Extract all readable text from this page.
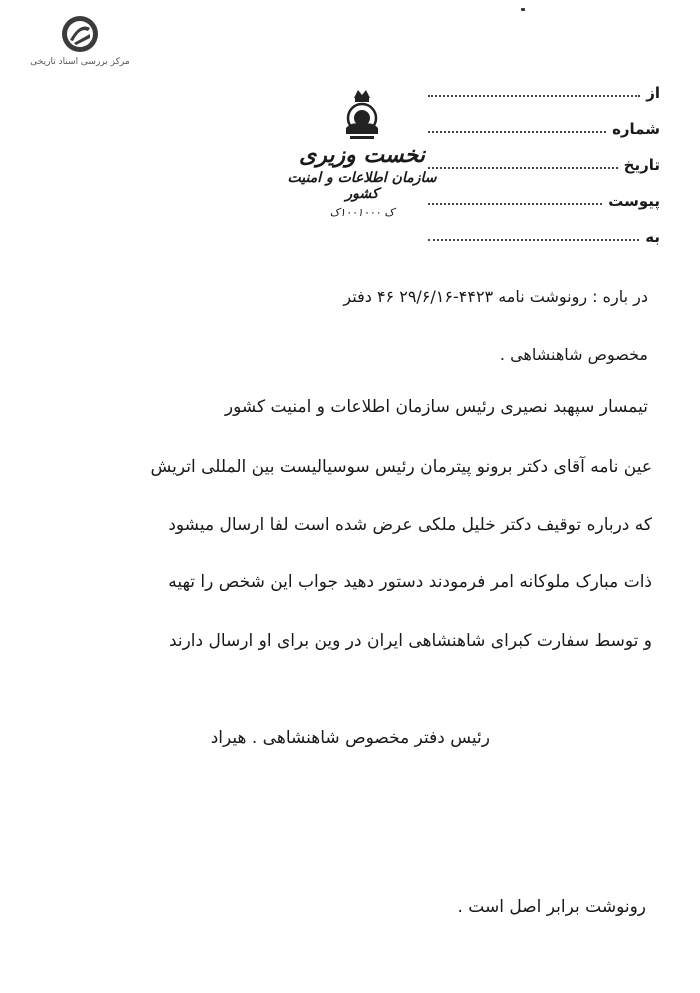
مرکز بررسی اسناد تاریخی
نخست وزیری
سازمان اطلاعات و امنیت کشور
ک ۱۰۰۱۰۰۰ک
از
شماره
تاریخ
پیوست
به
در باره : رونوشت نامه ۴۴۲۳-۲۹/۶/۱۶ ۴۶ دفتر
مخصوص شاهنشاهی .
تیمسار سپهبد نصیری رئیس سازمان اطلاعات و امنیت کشور
عین نامه آقای دکتر برونو پیترمان رئیس سوسیالیست بین المللی اتریش
که درباره توقیف دکتر خلیل ملکی عرض شده است لفا ارسال میشود
ذات مبارک ملوکانه امر فرمودند دستور دهید جواب این شخص را تهیه
و توسط سفارت کبرای شاهنشاهی ایران در وین برای او ارسال دارند
رئیس دفتر مخصوص شاهنشاهی . هیراد
رونوشت برابر اصل است .
